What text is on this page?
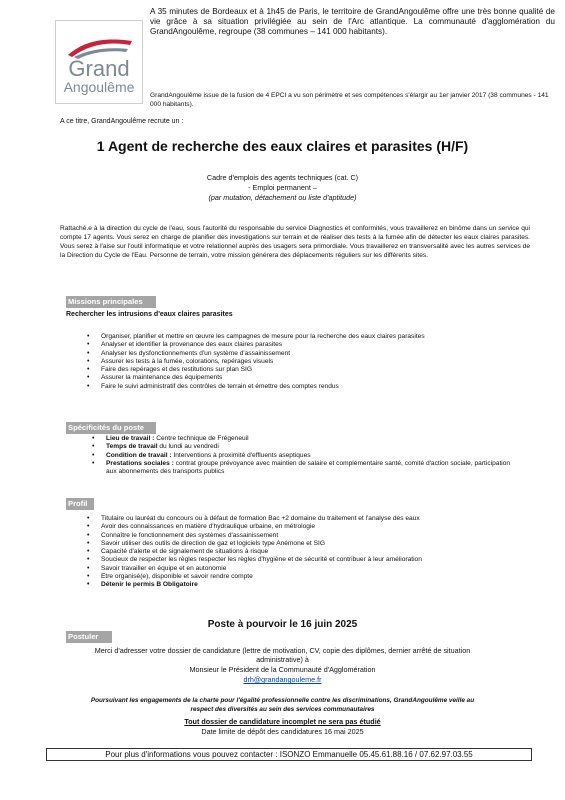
Grand
Angoulême
A 35 minutes de Bordeaux et à 1h45 de Paris, le territoire de GrandAngoulême offre une très bonne qualité de vie grâce à sa situation privilégiée au sein de l'Arc atlantique. La communauté d'agglomération du GrandAngoulême, regroupe (38 communes – 141 000 habitants).
GrandAngoulême issue de la fusion de 4 EPCI a vu son périmètre et ses compétences s'élargir au 1er janvier 2017 (38 communes - 141 000 habitants).
A ce titre, GrandAngoulême recrute un :
1 Agent de recherche des eaux claires et parasites (H/F)
Cadre d'emplois des agents techniques (cat. C)
- Emploi permanent –
(par mutation, détachement ou liste d'aptitude)
Rattaché.e à la direction du cycle de l'eau, sous l'autorité du responsable du service Diagnostics et conformités, vous travaillerez en binôme dans un service qui compte 17 agents. Vous serez en charge de planifier des investigations sur terrain et de réaliser des tests à la fumée afin de détecter les eaux claires parasites. Vous serez à l'aise sur l'outil informatique et votre relationnel auprès des usagers sera primordiale. Vous travaillerez en transversalité avec les autres services de la Direction du Cycle de l'Eau. Personne de terrain, votre mission générera des déplacements réguliers sur les différents sites.
Missions principales
Rechercher les intrusions d'eaux claires parasites
• Organiser, planifier et mettre en œuvre les campagnes de mesure pour la recherche des eaux claires parasites
• Analyser et identifier la provenance des eaux claires parasites
• Analyser les dysfonctionnements d'un système d'assainissement
• Assurer les tests à la fumée, colorations, repérages visuels
• Faire des repérages et des restitutions sur plan SIG
• Assurer la maintenance des équipements
• Faire le suivi administratif des contrôles de terrain et émettre des comptes rendus
Spécificités du poste
• Lieu de travail : Centre technique de Frégeneuil
• Temps de travail du lundi au vendredi
• Condition de travail : Interventions à proximité d'effluents aseptiques
• Prestations sociales : contrat groupe prévoyance avec maintien de salaire et complémentaire santé, comité d'action sociale, participation aux abonnements des transports publics
Profil
• Titulaire ou lauréat du concours ou à défaut de formation Bac +2 domaine du traitement et l'analyse des eaux
• Avoir des connaissances en matière d'hydraulique urbaine, en métrologie
• Connaître le fonctionnement des systèmes d'assainissement
• Savoir utiliser des outils de direction de gaz et logiciels type Anémone et SIG
• Capacité d'alerte et de signalement de situations à risque
• Soucieux de respecter les règles respecter les règles d'hygiène et de sécurité et contribuer à leur amélioration
• Savoir travailler en équipe et en autonomie
• Etre organisé(e), disponible et savoir rendre compte
• Détenir le permis B Obligatoire
Poste à pourvoir le 16 juin 2025
Postuler
Merci d'adresser votre dossier de candidature (lettre de motivation, CV, copie des diplômes, dernier arrêté de situation
administrative) à
Monsieur le Président de la Communauté d'Agglomération
drh@grandangouleme.fr
Poursuivant les engagements de la charte pour l'égalité professionnelle contre les discriminations, GrandAngoulême veille au
respect des diversités au sein des services communautaires
Tout dossier de candidature incomplet ne sera pas étudié
Date limite de dépôt des candidatures 16 mai 2025
Pour plus d'informations vous pouvez contacter : ISONZO Emmanuelle 05.45.61.88.16 / 07.62.97.03.55
